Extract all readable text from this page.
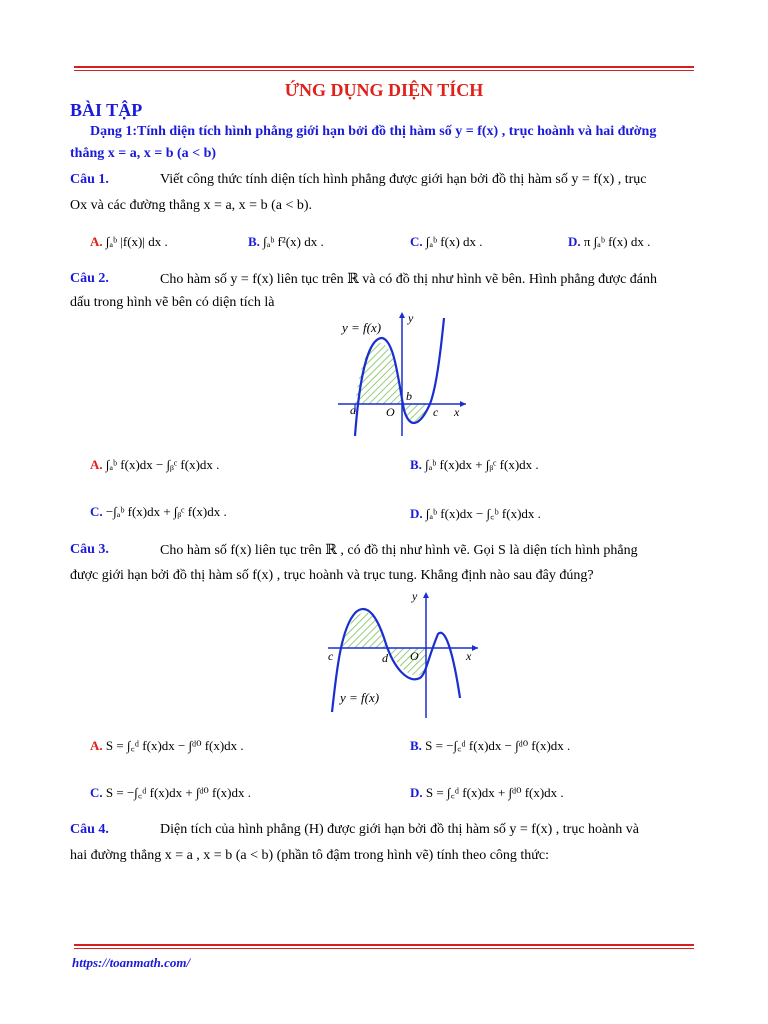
ỨNG DỤNG DIỆN TÍCH
BÀI TẬP
Dạng 1:Tính diện tích hình phẳng giới hạn bởi đồ thị hàm số y = f(x) , trục hoành và hai đường
thẳng x = a, x = b (a < b)
Câu 1.	Viết công thức tính diện tích hình phẳng được giới hạn bởi đồ thị hàm số y = f(x) , trục
Ox và các đường thẳng x = a, x = b (a < b).
A. ∫ₐᵇ |f(x)| dx .	B. ∫ₐᵇ f²(x) dx .	C. ∫ₐᵇ f(x) dx .	D. π ∫ₐᵇ f(x) dx .
Câu 2.	Cho hàm số y = f(x) liên tục trên ℝ và có đồ thị như hình vẽ bên. Hình phẳng được đánh
dấu trong hình vẽ bên có diện tích là
y = f(x)
y
x
a	O
b
c
A. ∫ₐᵇ f(x)dx − ∫ᵦᶜ f(x)dx .	B. ∫ₐᵇ f(x)dx + ∫ᵦᶜ f(x)dx .
C. −∫ₐᵇ f(x)dx + ∫ᵦᶜ f(x)dx .	D. ∫ₐᵇ f(x)dx − ∫꜀ᵇ f(x)dx .
Câu 3.	Cho hàm số f(x) liên tục trên ℝ , có đồ thị như hình vẽ. Gọi S là diện tích hình phẳng
được giới hạn bởi đồ thị hàm số f(x) , trục hoành và trục tung. Khẳng định nào sau đây đúng?
y = f(x)
y
x
c	d O
A. S = ∫꜀ᵈ f(x)dx − ∫ᵈ⁰ f(x)dx .	B. S = −∫꜀ᵈ f(x)dx − ∫ᵈ⁰ f(x)dx .
C. S = −∫꜀ᵈ f(x)dx + ∫ᵈ⁰ f(x)dx .	D. S = ∫꜀ᵈ f(x)dx + ∫ᵈ⁰ f(x)dx .
Câu 4.	Diện tích của hình phẳng (H) được giới hạn bởi đồ thị hàm số y = f(x) , trục hoành và
hai đường thẳng x = a , x = b (a < b) (phần tô đậm trong hình vẽ) tính theo công thức:
https://toanmath.com/
